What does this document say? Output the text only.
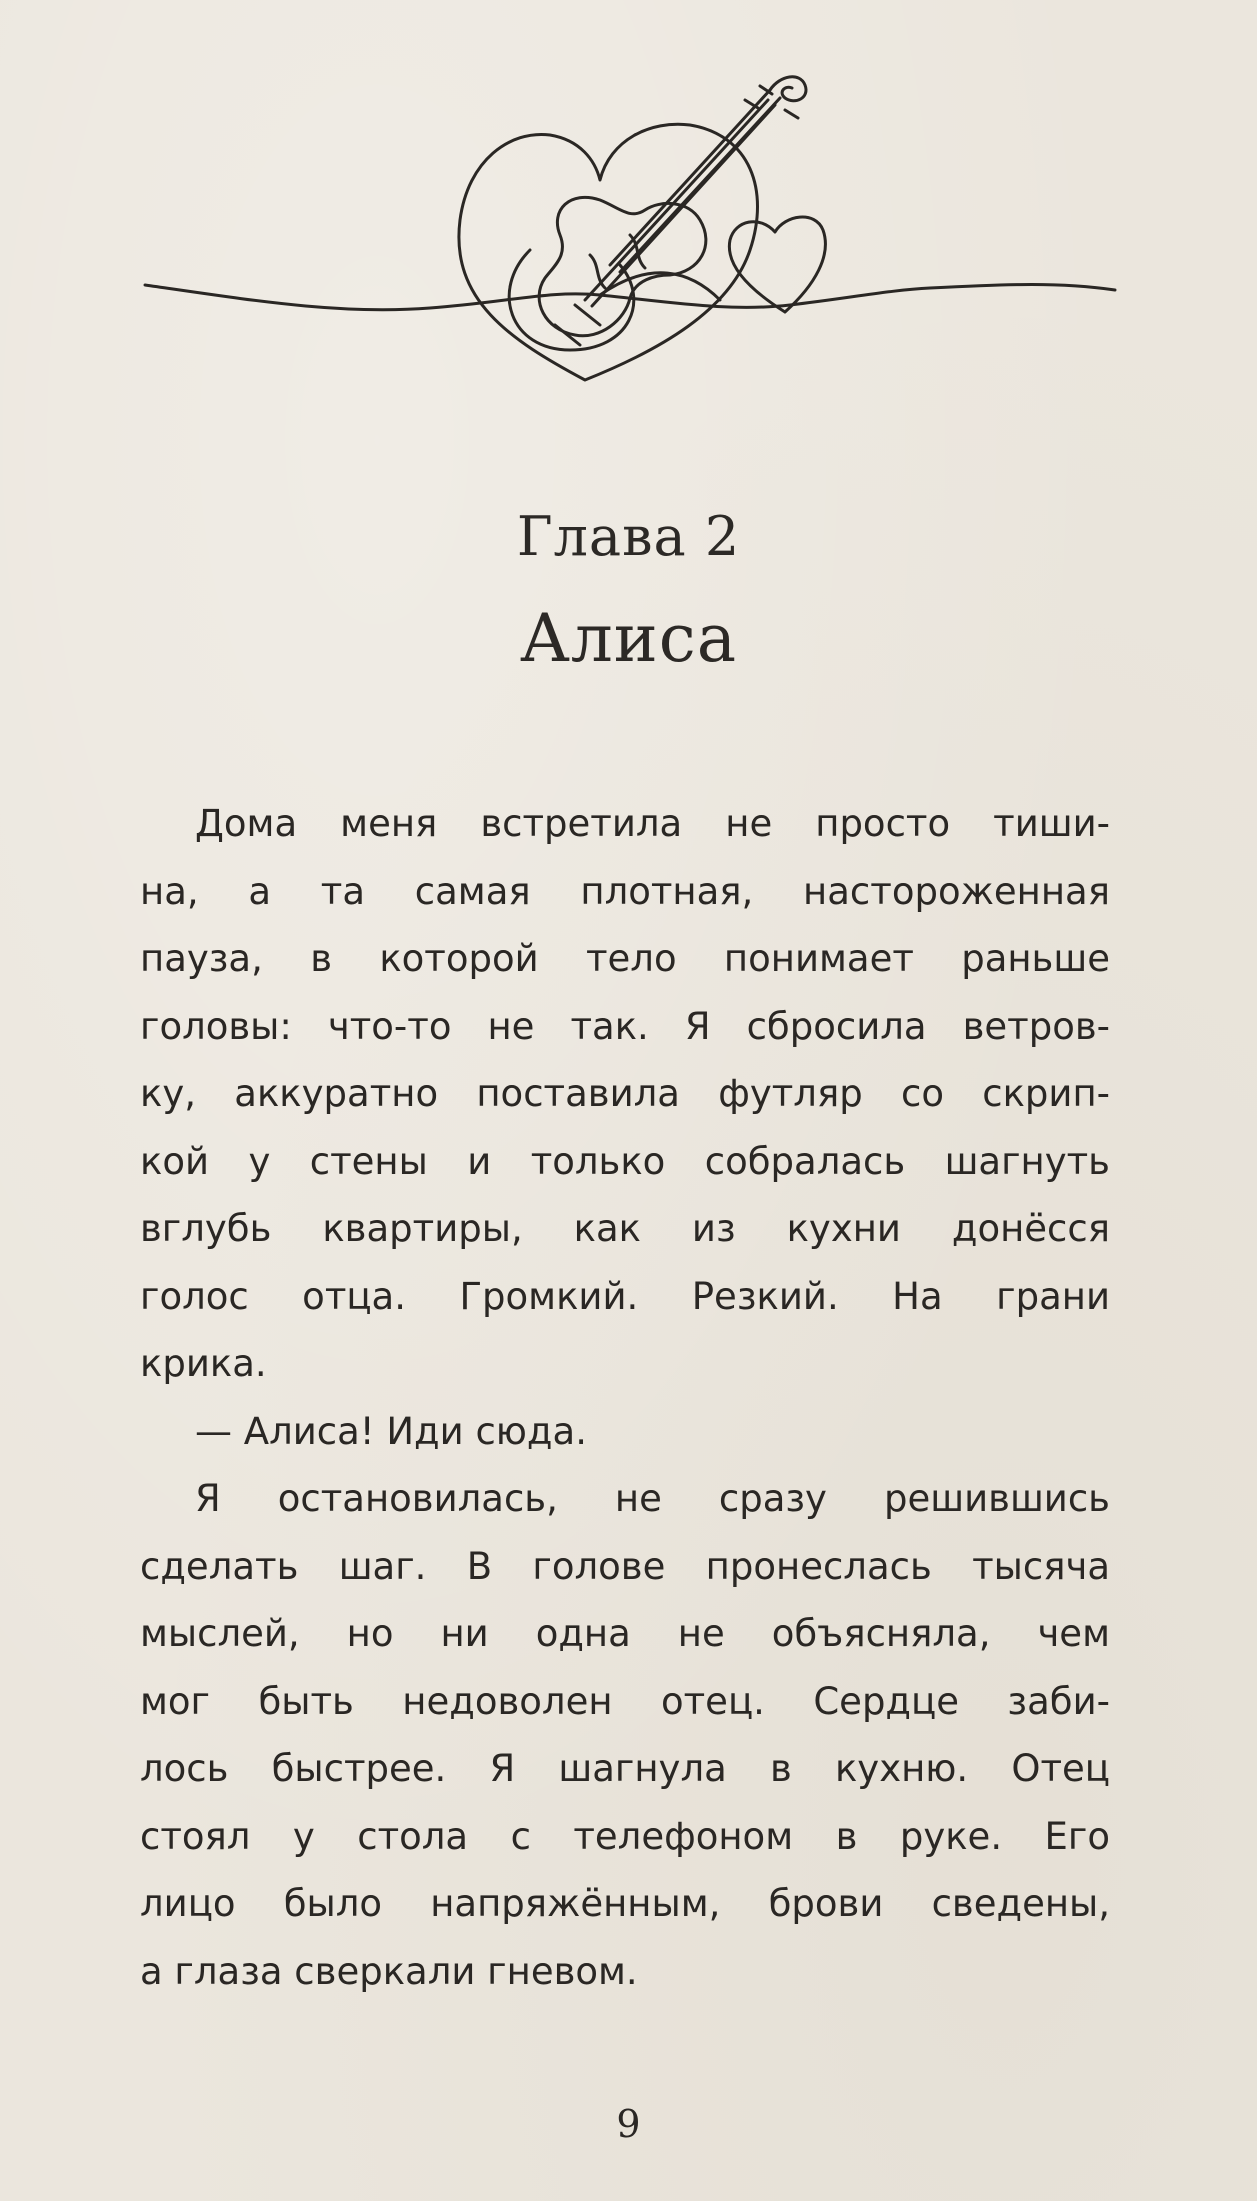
Глава 2
Алиса

Дома меня встретила не просто тиши-
на, а та самая плотная, настороженная
пауза, в которой тело понимает раньше
головы: что-то не так. Я сбросила ветров-
ку, аккуратно поставила футляр со скрип-
кой у стены и только собралась шагнуть
вглубь квартиры, как из кухни донёсся
голос отца. Громкий. Резкий. На грани
крика.

— Алиса! Иди сюда.

Я остановилась, не сразу решившись
сделать шаг. В голове пронеслась тысяча
мыслей, но ни одна не объясняла, чем
мог быть недоволен отец. Сердце заби-
лось быстрее. Я шагнула в кухню. Отец
стоял у стола с телефоном в руке. Его
лицо было напряжённым, брови сведены,
а глаза сверкали гневом.

9
